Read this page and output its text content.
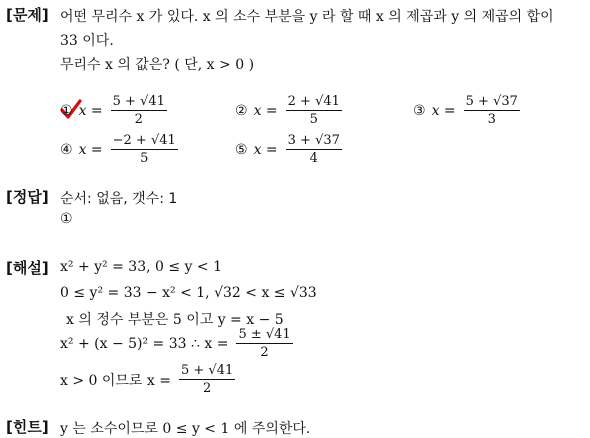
[문제] 어떤 무리수 x 가 있다. x 의 소수 부분을 y 라 할 때 x 의 제곱과 y 의 제곱의 합이
33 이다.
무리수 x 의 값은? ( 단, x > 0 )
① $x = \frac{5 + √41}{2}$	② $x = \frac{2 + √41}{5}$	③ $x = \frac{5 + √37}{3}$
④ $x = \frac{-2 + √41}{5}$	⑤ $x = \frac{3 + √37}{4}$
[정답] 순서: 없음, 갯수: 1
①
[해설] x² + y² = 33, 0 ≤ y < 1
0 ≤ y² = 33 − x² < 1, √32 < x ≤ √33
x 의 정수 부분은 5 이고 y = x − 5
x² + (x − 5)² = 33 ∴ $x = \frac{5 \pm √41}{2}$
x > 0 이므로 $x = \frac{5 + √41}{2}$
[힌트] y 는 소수이므로 0 ≤ y < 1 에 주의한다.
